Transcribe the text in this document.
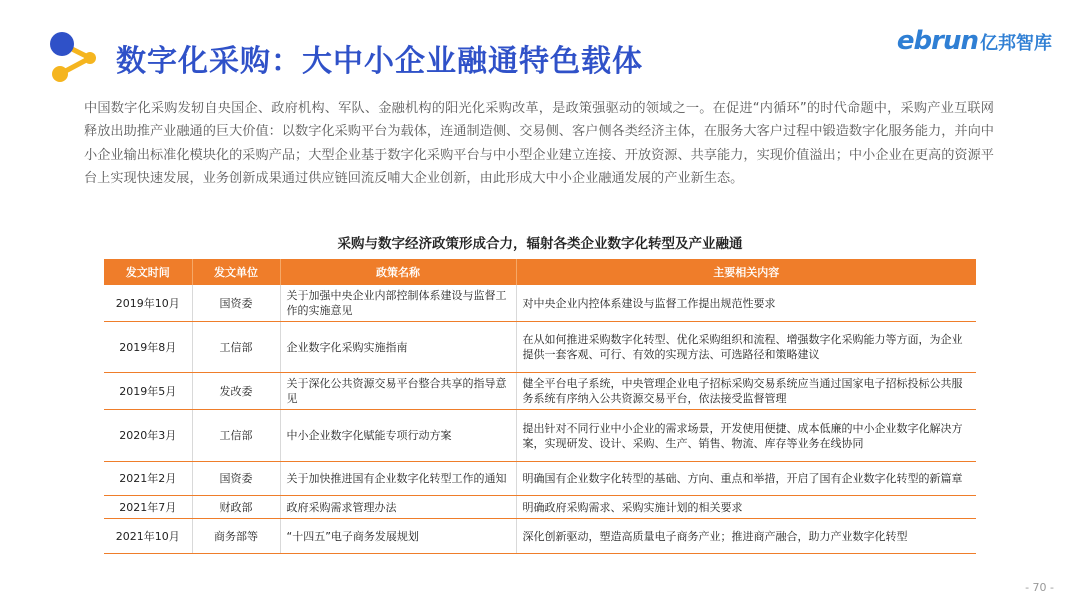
数字化采购：大中小企业融通特色载体
ebrun 亿邦智库

中国数字化采购发轫自央国企、政府机构、军队、金融机构的阳光化采购改革，是政策强驱动的领域之一。在促进“内循环”的时代命题中，采购产业互联网释放出助推产业融通的巨大价值：以数字化采购平台为载体，连通制造侧、交易侧、客户侧各类经济主体，在服务大客户过程中锻造数字化服务能力，并向中小企业输出标准化模块化的采购产品；大型企业基于数字化采购平台与中小型企业建立连接、开放资源、共享能力，实现价值溢出；中小企业在更高的资源平台上实现快速发展，业务创新成果通过供应链回流反哺大企业创新，由此形成大中小企业融通发展的产业新生态。

采购与数字经济政策形成合力，辐射各类企业数字化转型及产业融通
发文时间	发文单位	政策名称	主要相关内容
2019年10月	国资委	关于加强中央企业内部控制体系建设与监督工作的实施意见	对中央企业内控体系建设与监督工作提出规范性要求
2019年8月	工信部	企业数字化采购实施指南	在从如何推进采购数字化转型、优化采购组织和流程、增强数字化采购能力等方面，为企业提供一套客观、可行、有效的实现方法、可选路径和策略建议
2019年5月	发改委	关于深化公共资源交易平台整合共享的指导意见	健全平台电子系统，中央管理企业电子招标采购交易系统应当通过国家电子招标投标公共服务系统有序纳入公共资源交易平台，依法接受监督管理
2020年3月	工信部	中小企业数字化赋能专项行动方案	提出针对不同行业中小企业的需求场景，开发使用便捷、成本低廉的中小企业数字化解决方案，实现研发、设计、采购、生产、销售、物流、库存等业务在线协同
2021年2月	国资委	关于加快推进国有企业数字化转型工作的通知	明确国有企业数字化转型的基础、方向、重点和举措，开启了国有企业数字化转型的新篇章
2021年7月	财政部	政府采购需求管理办法	明确政府采购需求、采购实施计划的相关要求
2021年10月	商务部等	“十四五”电子商务发展规划	深化创新驱动，塑造高质量电子商务产业；推进商产融合，助力产业数字化转型
- 70 -
